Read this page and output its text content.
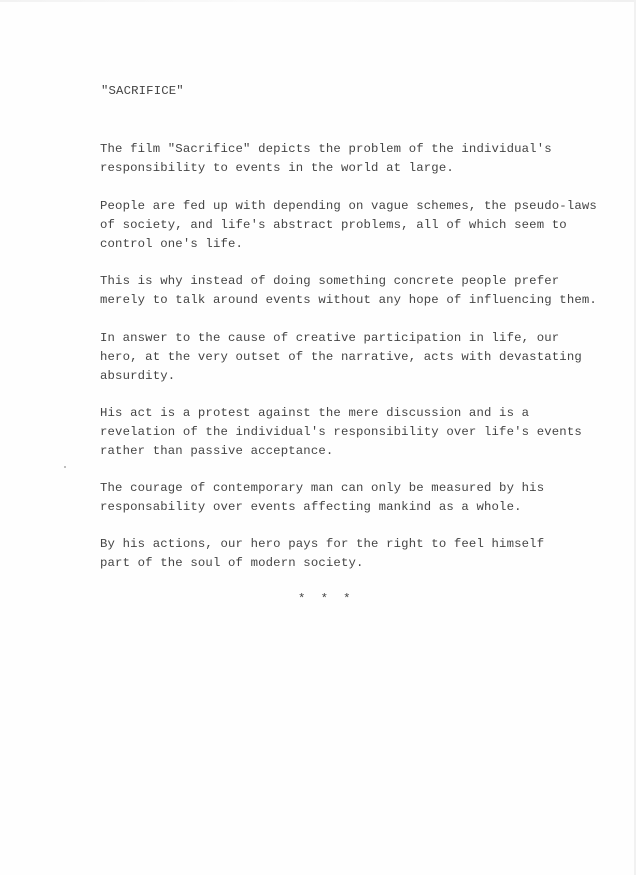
"SACRIFICE"
The film "Sacrifice" depicts the problem of the individual's
responsibility to events in the world at large.
People are fed up with depending on vague schemes, the pseudo-laws
of society, and life's abstract problems, all of which seem to
control one's life.
This is why instead of doing something concrete people prefer
merely to talk around events without any hope of influencing them.
In answer to the cause of creative participation in life, our
hero, at the very outset of the narrative, acts with devastating
absurdity.
His act is a protest against the mere discussion and is a
revelation of the individual's responsibility over life's events
rather than passive acceptance.
The courage of contemporary man can only be measured by his
responsability over events affecting mankind as a whole.
By his actions, our hero pays for the right to feel himself
part of the soul of modern society.
*  *  *
